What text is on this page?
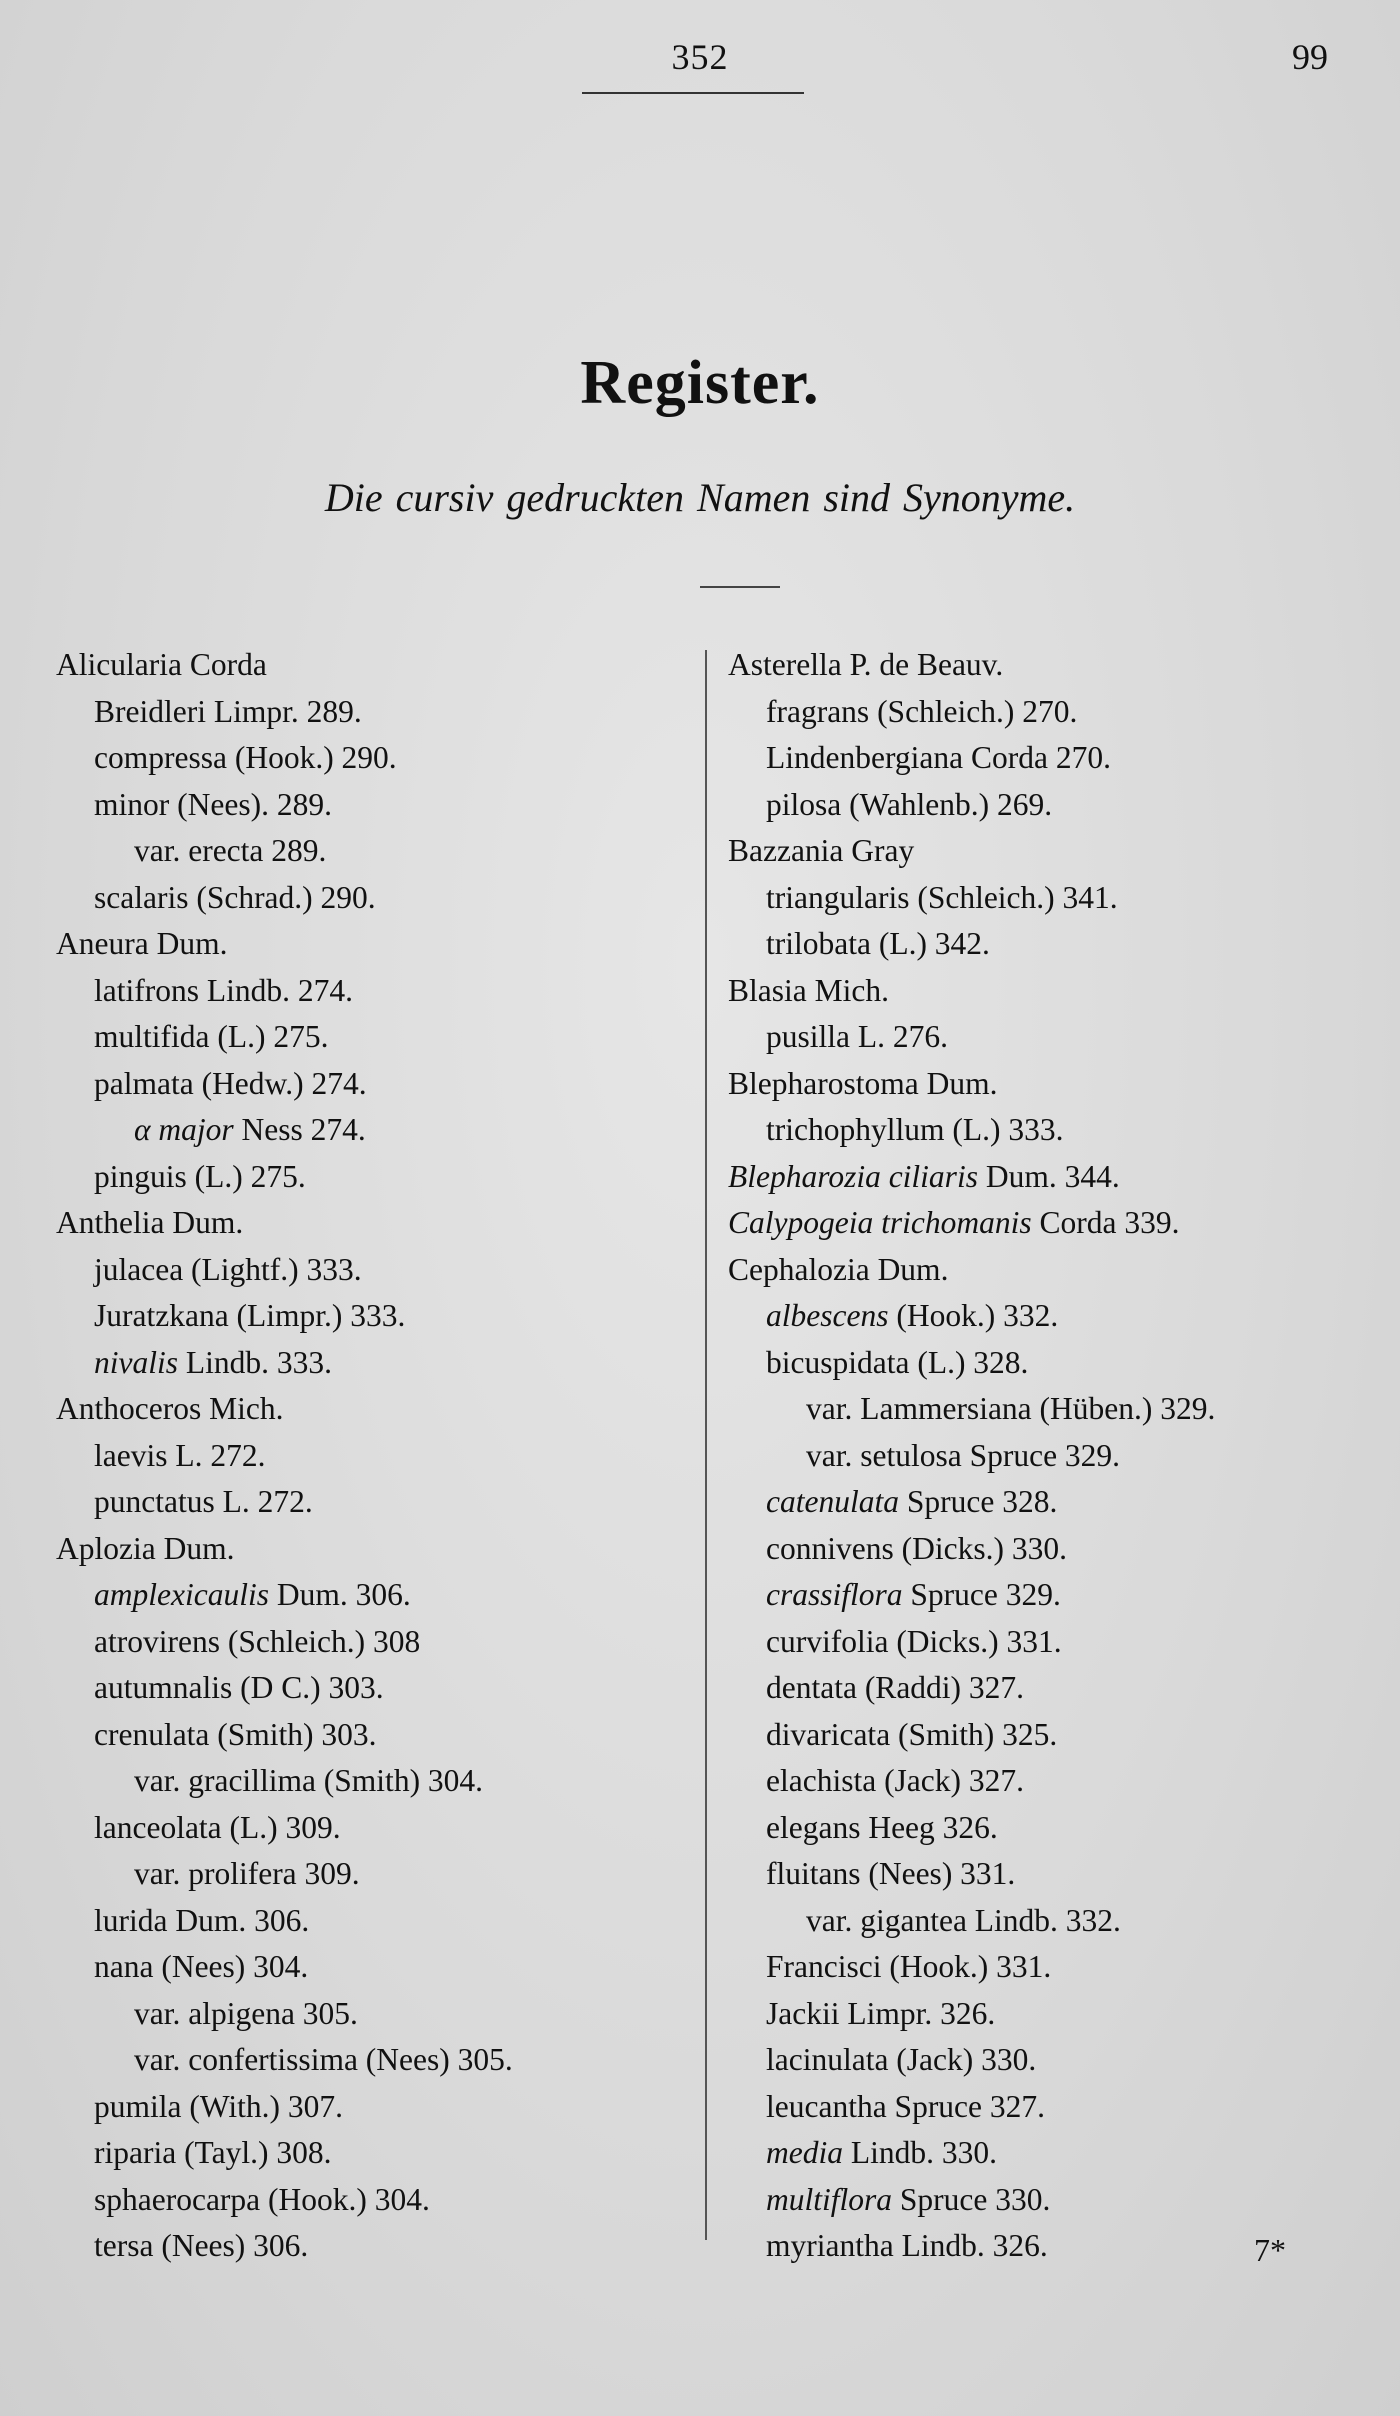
352	99
Register.
Die cursiv gedruckten Namen sind Synonyme.
Alicularia Corda
Breidleri Limpr. 289.
compressa (Hook.) 290.
minor (Nees). 289.
var. erecta 289.
scalaris (Schrad.) 290.
Aneura Dum.
latifrons Lindb. 274.
multifida (L.) 275.
palmata (Hedw.) 274.
α major Ness 274.
pinguis (L.) 275.
Anthelia Dum.
julacea (Lightf.) 333.
Juratzkana (Limpr.) 333.
nivalis Lindb. 333.
Anthoceros Mich.
laevis L. 272.
punctatus L. 272.
Aplozia Dum.
amplexicaulis Dum. 306.
atrovirens (Schleich.) 308
autumnalis (D C.) 303.
crenulata (Smith) 303.
var. gracillima (Smith) 304.
lanceolata (L.) 309.
var. prolifera 309.
lurida Dum. 306.
nana (Nees) 304.
var. alpigena 305.
var. confertissima (Nees) 305.
pumila (With.) 307.
riparia (Tayl.) 308.
sphaerocarpa (Hook.) 304.
tersa (Nees) 306.
Asterella P. de Beauv.
fragrans (Schleich.) 270.
Lindenbergiana Corda 270.
pilosa (Wahlenb.) 269.
Bazzania Gray
triangularis (Schleich.) 341.
trilobata (L.) 342.
Blasia Mich.
pusilla L. 276.
Blepharostoma Dum.
trichophyllum (L.) 333.
Blepharozia ciliaris Dum. 344.
Calypogeia trichomanis Corda 339.
Cephalozia Dum.
albescens (Hook.) 332.
bicuspidata (L.) 328.
var. Lammersiana (Hüben.) 329.
var. setulosa Spruce 329.
catenulata Spruce 328.
connivens (Dicks.) 330.
crassiflora Spruce 329.
curvifolia (Dicks.) 331.
dentata (Raddi) 327.
divaricata (Smith) 325.
elachista (Jack) 327.
elegans Heeg 326.
fluitans (Nees) 331.
var. gigantea Lindb. 332.
Francisci (Hook.) 331.
Jackii Limpr. 326.
lacinulata (Jack) 330.
leucantha Spruce 327.
media Lindb. 330.
multiflora Spruce 330.
myriantha Lindb. 326.	7*
